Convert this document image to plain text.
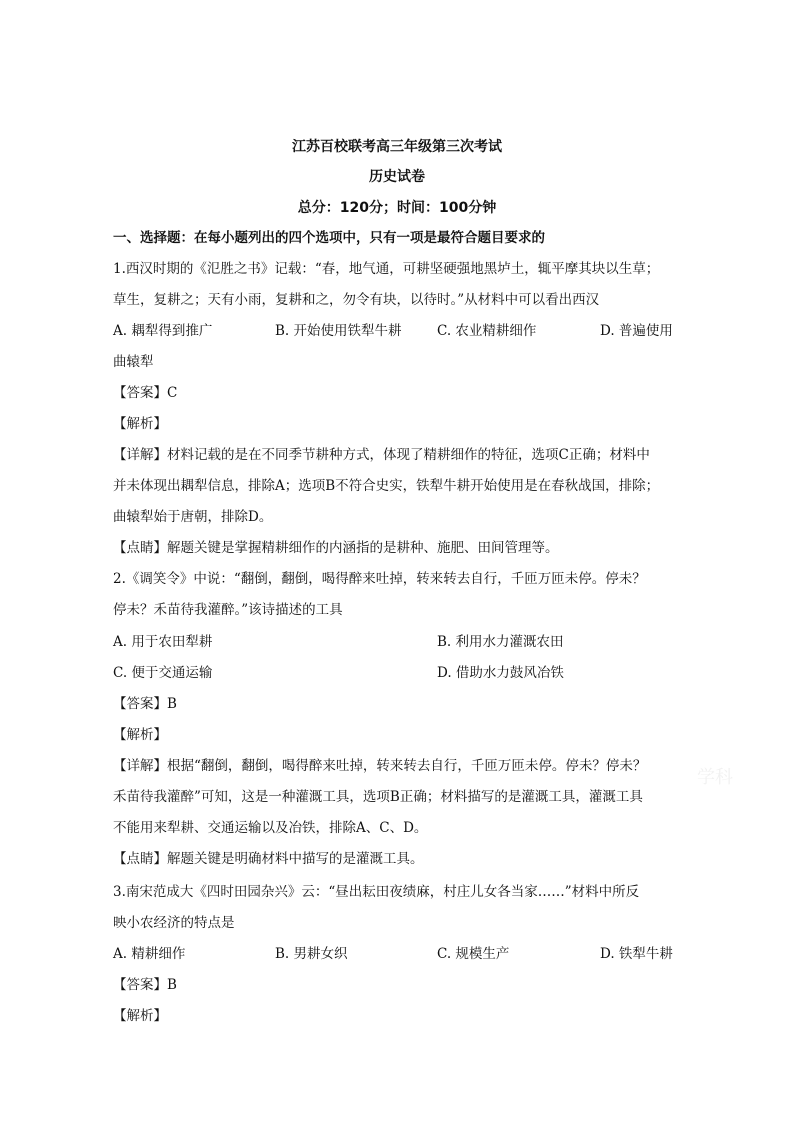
江苏百校联考高三年级第三次考试
历史试卷
总分：120分；时间：100分钟
一、选择题：在每小题列出的四个选项中，只有一项是最符合题目要求的
1.西汉时期的《氾胜之书》记载：“春，地气通，可耕坚硬强地黑垆土，辄平摩其块以生草；
草生，复耕之；天有小雨，复耕和之，勿令有块，以待时。”从材料中可以看出西汉
A. 耦犁得到推广	B. 开始使用铁犁牛耕	C. 农业精耕细作	D. 普遍使用
曲辕犁
【答案】C
【解析】
【详解】材料记载的是在不同季节耕种方式，体现了精耕细作的特征，选项C正确；材料中
并未体现出耦犁信息，排除A；选项B不符合史实，铁犁牛耕开始使用是在春秋战国，排除；
曲辕犁始于唐朝，排除D。
【点睛】解题关键是掌握精耕细作的内涵指的是耕种、施肥、田间管理等。
2.《调笑令》中说：“翻倒，翻倒，喝得醉来吐掉，转来转去自行，千匝万匝未停。停未？
停未？禾苗待我灌醉。”该诗描述的工具
A. 用于农田犁耕	B. 利用水力灌溉农田
C. 便于交通运输	D. 借助水力鼓风冶铁
【答案】B
【解析】
【详解】根据“翻倒，翻倒，喝得醉来吐掉，转来转去自行，千匝万匝未停。停未？停未？
禾苗待我灌醉”可知，这是一种灌溉工具，选项B正确；材料描写的是灌溉工具，灌溉工具
不能用来犁耕、交通运输以及冶铁，排除A、C、D。
【点睛】解题关键是明确材料中描写的是灌溉工具。
3.南宋范成大《四时田园杂兴》云：“昼出耘田夜绩麻，村庄儿女各当家……”材料中所反
映小农经济的特点是
A. 精耕细作	B. 男耕女织	C. 规模生产	D. 铁犁牛耕
【答案】B
【解析】
学科
